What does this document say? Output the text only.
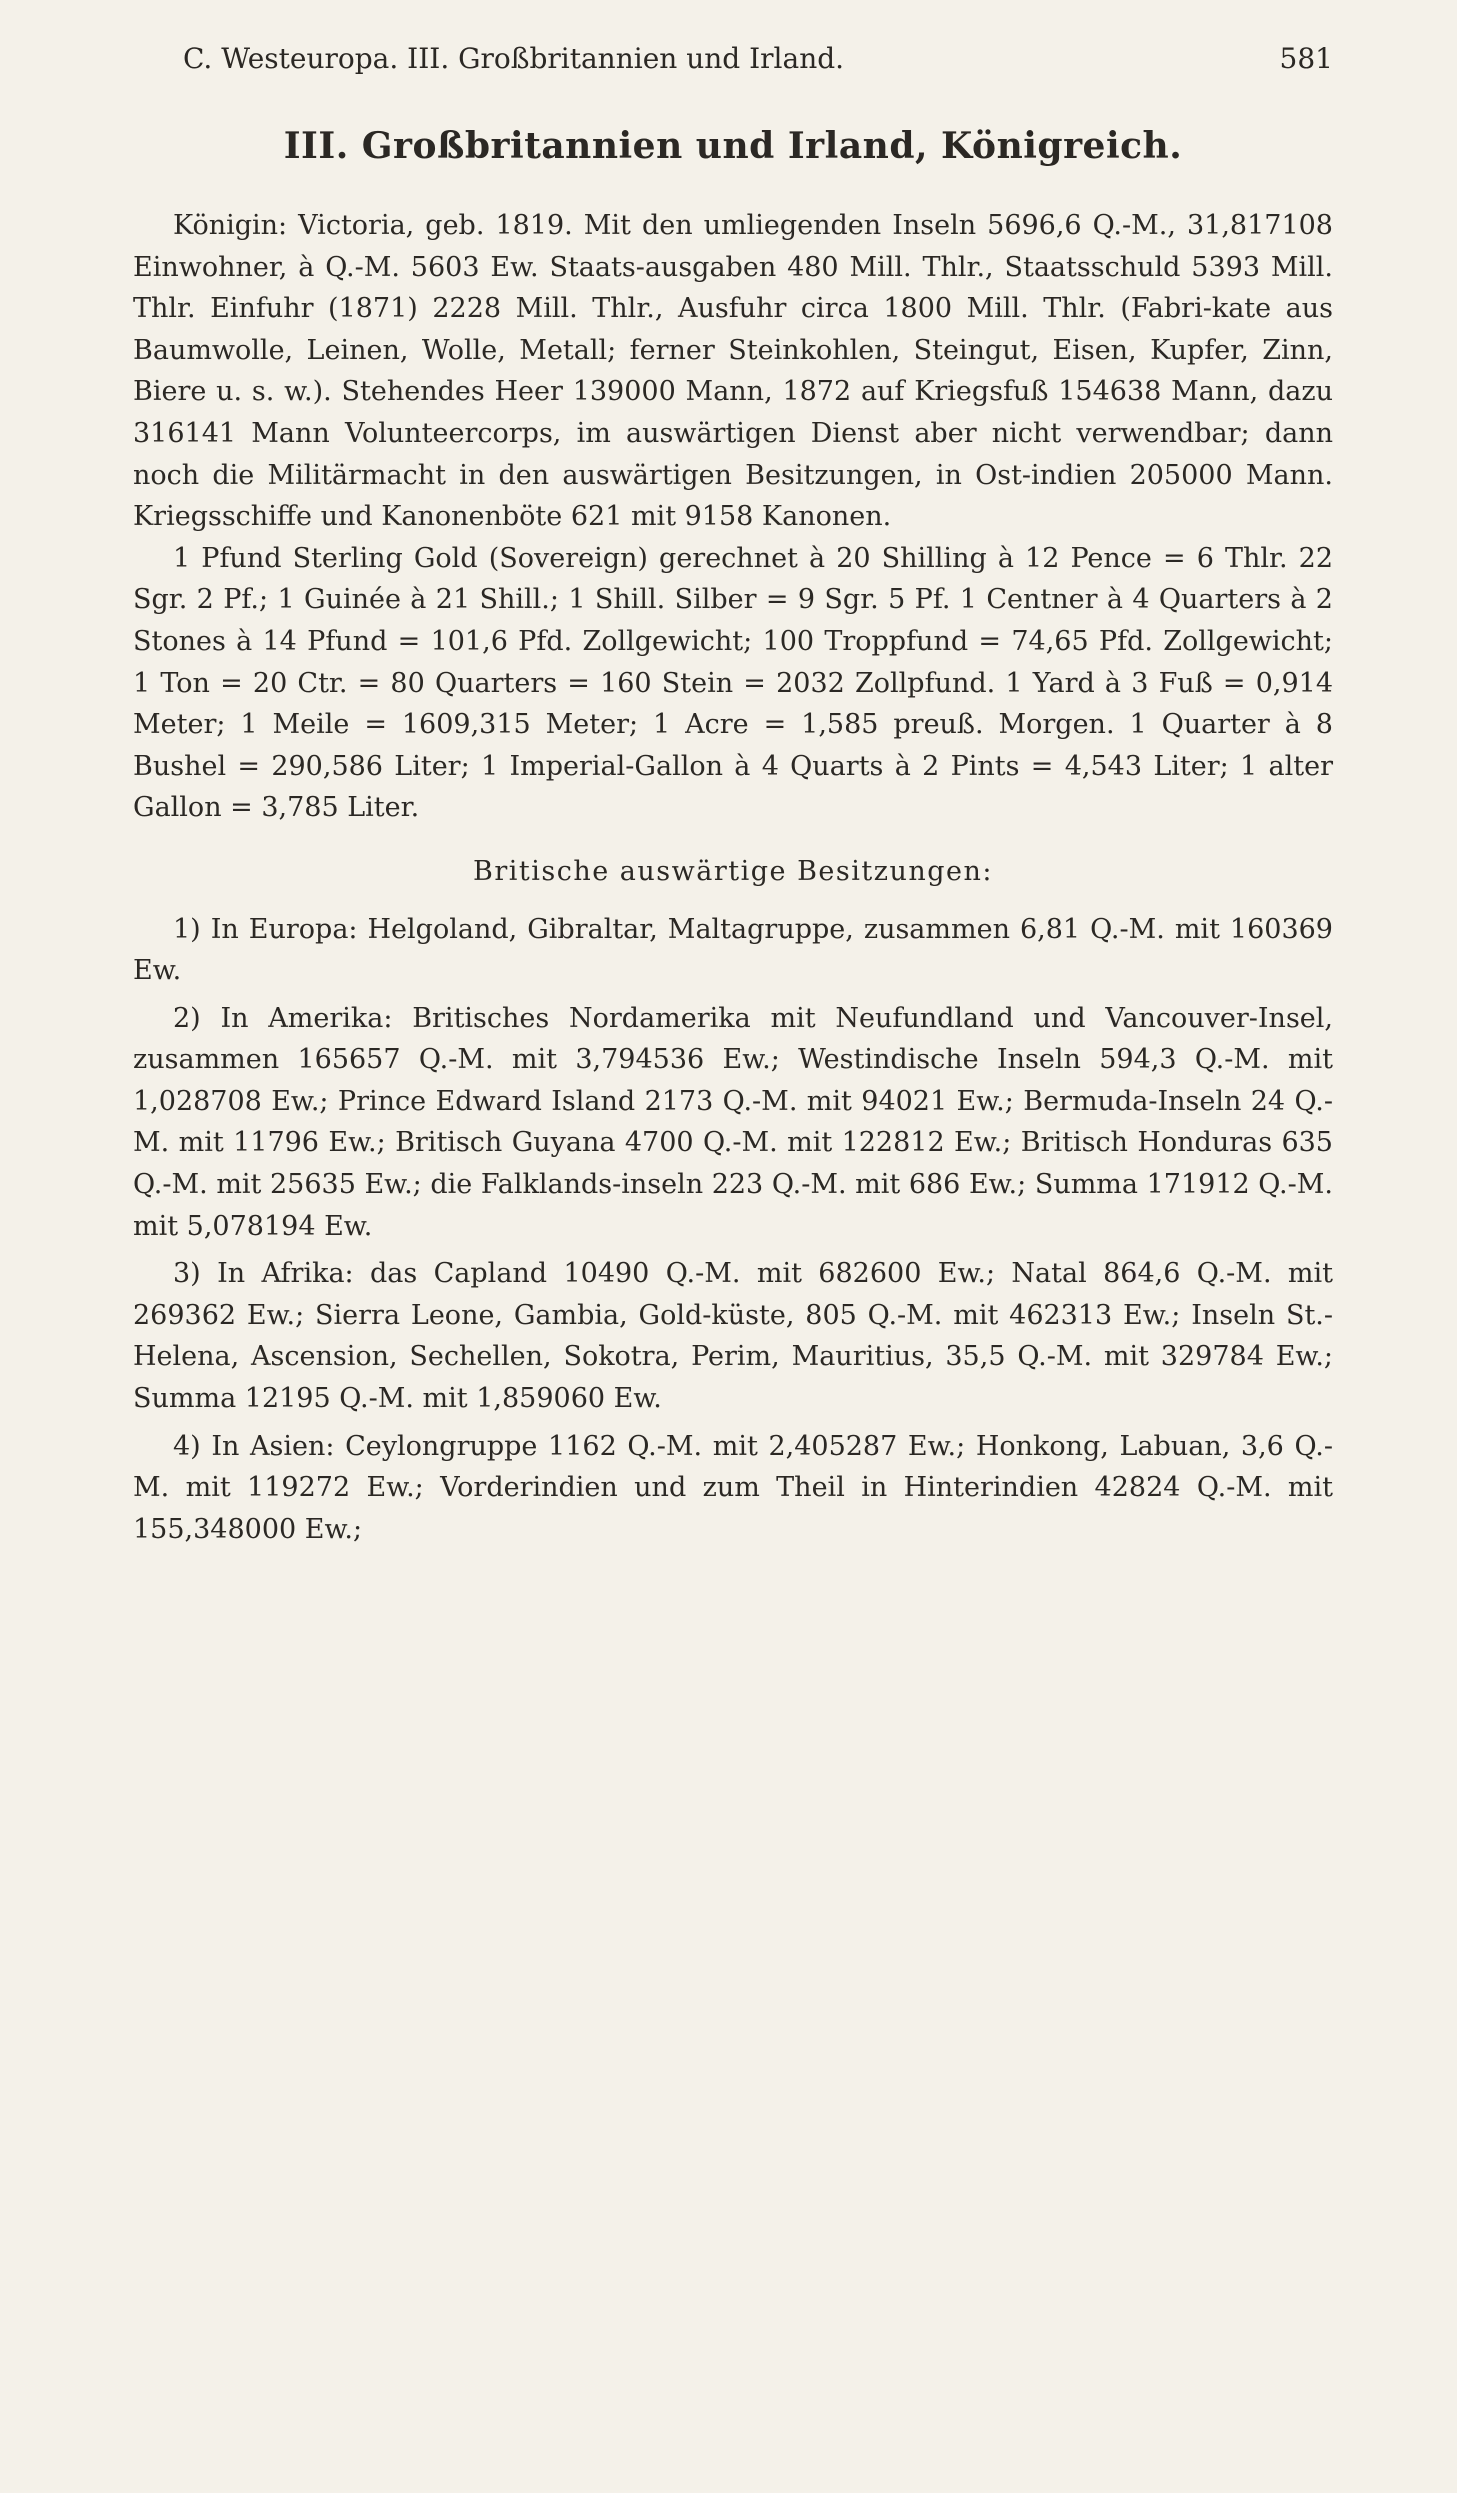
C. Westeuropa. III. Großbritannien und Irland.	581
III. Großbritannien und Irland, Königreich.

Königin: Victoria, geb. 1819. Mit den umliegenden Inseln 5696,6 Q.-M., 31,817108 Einwohner, à Q.-M. 5603 Ew. Staats-ausgaben 480 Mill. Thlr., Staatsschuld 5393 Mill. Thlr. Einfuhr (1871) 2228 Mill. Thlr., Ausfuhr circa 1800 Mill. Thlr. (Fabri-kate aus Baumwolle, Leinen, Wolle, Metall; ferner Steinkohlen, Steingut, Eisen, Kupfer, Zinn, Biere u. s. w.). Stehendes Heer 139000 Mann, 1872 auf Kriegsfuß 154638 Mann, dazu 316141 Mann Volunteercorps, im auswärtigen Dienst aber nicht verwendbar; dann noch die Militärmacht in den auswärtigen Besitzungen, in Ost-indien 205000 Mann. Kriegsschiffe und Kanonenböte 621 mit 9158 Kanonen.

1 Pfund Sterling Gold (Sovereign) gerechnet à 20 Shilling à 12 Pence = 6 Thlr. 22 Sgr. 2 Pf.; 1 Guinée à 21 Shill.; 1 Shill. Silber = 9 Sgr. 5 Pf. 1 Centner à 4 Quarters à 2 Stones à 14 Pfund = 101,6 Pfd. Zollgewicht; 100 Troppfund = 74,65 Pfd. Zollgewicht; 1 Ton = 20 Ctr. = 80 Quarters = 160 Stein = 2032 Zollpfund. 1 Yard à 3 Fuß = 0,914 Meter; 1 Meile = 1609,315 Meter; 1 Acre = 1,585 preuß. Morgen. 1 Quarter à 8 Bushel = 290,586 Liter; 1 Imperial-Gallon à 4 Quarts à 2 Pints = 4,543 Liter; 1 alter Gallon = 3,785 Liter.

Britische auswärtige Besitzungen:

1) In Europa: Helgoland, Gibraltar, Maltagruppe, zusammen 6,81 Q.-M. mit 160369 Ew.

2) In Amerika: Britisches Nordamerika mit Neufundland und Vancouver-Insel, zusammen 165657 Q.-M. mit 3,794536 Ew.; Westindische Inseln 594,3 Q.-M. mit 1,028708 Ew.; Prince Edward Island 2173 Q.-M. mit 94021 Ew.; Bermuda-Inseln 24 Q.-M. mit 11796 Ew.; Britisch Guyana 4700 Q.-M. mit 122812 Ew.; Britisch Honduras 635 Q.-M. mit 25635 Ew.; die Falklands-inseln 223 Q.-M. mit 686 Ew.; Summa 171912 Q.-M. mit 5,078194 Ew.

3) In Afrika: das Capland 10490 Q.-M. mit 682600 Ew.; Natal 864,6 Q.-M. mit 269362 Ew.; Sierra Leone, Gambia, Gold-küste, 805 Q.-M. mit 462313 Ew.; Inseln St.-Helena, Ascension, Sechellen, Sokotra, Perim, Mauritius, 35,5 Q.-M. mit 329784 Ew.; Summa 12195 Q.-M. mit 1,859060 Ew.

4) In Asien: Ceylongruppe 1162 Q.-M. mit 2,405287 Ew.; Honkong, Labuan, 3,6 Q.-M. mit 119272 Ew.; Vorderindien und zum Theil in Hinterindien 42824 Q.-M. mit 155,348000 Ew.;
